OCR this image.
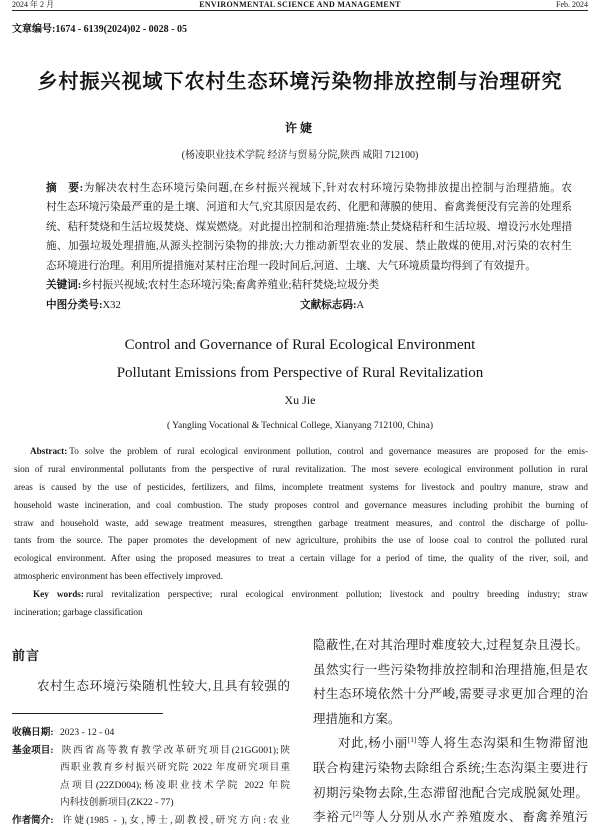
2024 年 2 月	ENVIRONMENTAL SCIENCE AND MANAGEMENT	Feb. 2024
文章编号:1674 - 6139(2024)02 - 0028 - 05
乡村振兴视域下农村生态环境污染物排放控制与治理研究
许婕
(杨凌职业技术学院 经济与贸易分院,陕西 咸阳 712100)
摘　要:为解决农村生态环境污染问题,在乡村振兴视域下,针对农村环境污染物排放提出控制与治理措施。农
村生态环境污染最严重的是土壤、河道和大气,究其原因是农药、化肥和薄膜的使用、畜禽粪便没有完善的处理系
统、秸秆焚烧和生活垃圾焚烧、煤炭燃烧。对此提出控制和治理措施:禁止焚烧秸秆和生活垃圾、增设污水处理措
施、加强垃圾处理措施,从源头控制污染物的排放;大力推动新型农业的发展、禁止散煤的使用,对污染的农村生
态环境进行治理。利用所提措施对某村庄治理一段时间后,河道、土壤、大气环境质量均得到了有效提升。
关键词:乡村振兴视域;农村生态环境污染;畜禽养殖业;秸秆焚烧;垃圾分类
中图分类号:X32	文献标志码:A
Control and Governance of Rural Ecological Environment
Pollutant Emissions from Perspective of Rural Revitalization
Xu Jie
( Yangling Vocational & Technical College, Xianyang 712100, China)
Abstract: To solve the problem of rural ecological environment pollution, control and governance measures are proposed for the emis-
sion of rural environmental pollutants from the perspective of rural revitalization. The most severe ecological environment pollution in rural
areas is caused by the use of pesticides, fertilizers, and films, incomplete treatment systems for livestock and poultry manure, straw and
household waste incineration, and coal combustion. The study proposes control and governance measures including prohibit the burning of
straw and household waste, add sewage treatment measures, strengthen garbage treatment measures, and control the discharge of pollu-
tants from the source. The paper promotes the development of new agriculture, prohibits the use of loose coal to control the polluted rural
ecological environment. After using the proposed measures to treat a certain village for a period of time, the quality of the river, soil, and
atmospheric environment has been effectively improved.
Key words: rural revitalization perspective; rural ecological environment pollution; livestock and poultry breeding industry; straw
incineration; garbage classification
前言
农村生态环境污染随机性较大,且具有较强的
收稿日期: 2023 - 12 - 04
基金项目: 陕西省高等教育教学改革研究项目(21GG001);陕
西职业教育乡村振兴研究院 2022 年度研究项目重
点项目(22ZD004);杨凌职业技术学院 2022 年院
内科技创新项目(ZK22 - 77)
作者简介: 许婕(1985 - ),女,博士,副教授,研究方向:农业
隐蔽性,在对其治理时难度较大,过程复杂且漫长。
虽然实行一些污染物排放控制和治理措施,但是农
村生态环境依然十分严峻,需要寻求更加合理的治
理措施和方案。
对此,杨小丽[1]等人将生态沟渠和生物滞留池
联合构建污染物去除组合系统;生态沟渠主要进行
初期污染物去除,生态滞留池配合完成脱氮处理。
李裕元[2]等人分别从水产养殖废水、畜禽养殖污
